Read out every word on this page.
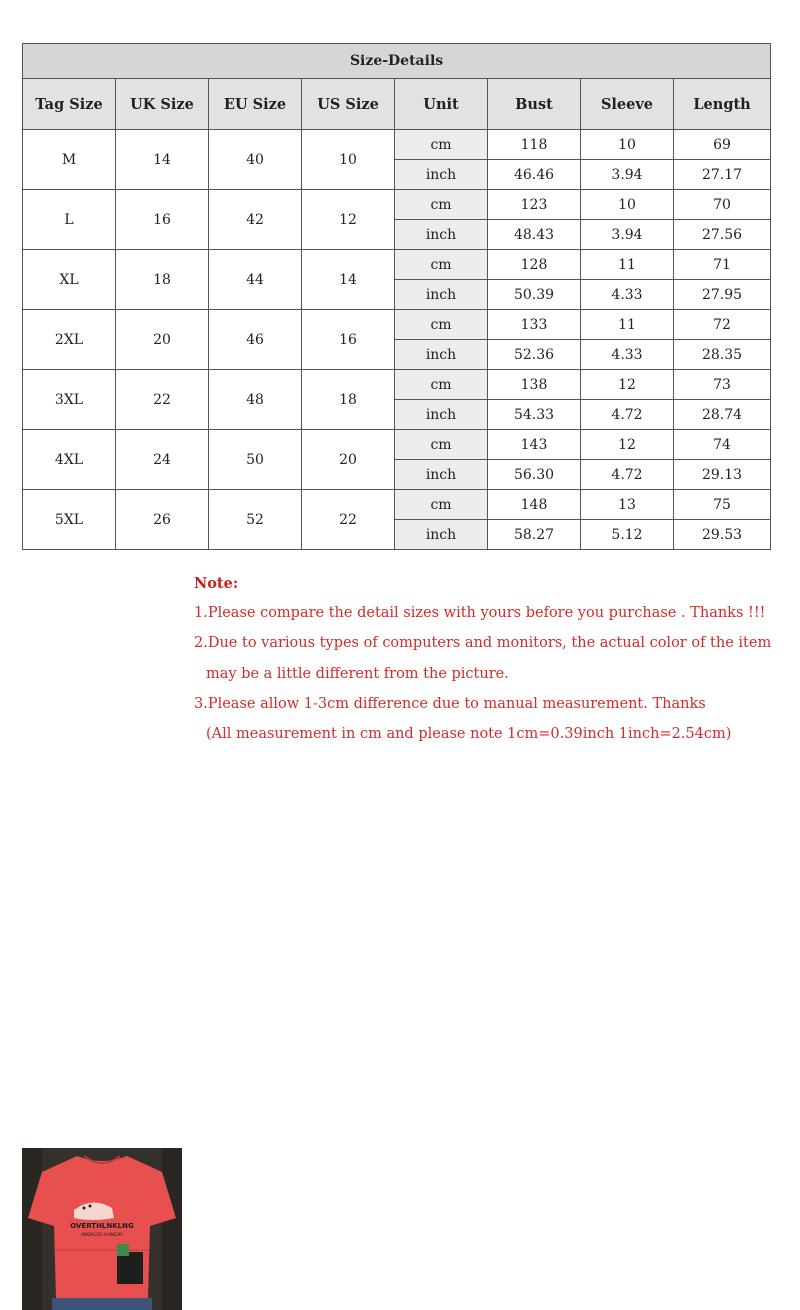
Size-Details							
Tag Size	UK Size	EU Size	US Size	Unit	Bust	Sleeve	Length
M	14	40	10	cm	118	10	69
				inch	46.46	3.94	27.17
L	16	42	12	cm	123	10	70
				inch	48.43	3.94	27.56
XL	18	44	14	cm	128	11	71
				inch	50.39	4.33	27.95
2XL	20	46	16	cm	133	11	72
				inch	52.36	4.33	28.35
3XL	22	48	18	cm	138	12	73
				inch	54.33	4.72	28.74
4XL	24	50	20	cm	143	12	74
				inch	56.30	4.72	29.13
5XL	26	52	22	cm	148	13	75
				inch	58.27	5.12	29.53
OVERTHLNKLNG
ANDALSO HUNGRY
Note:
1.Please compare the detail sizes with yours before you purchase . Thanks !!!
2.Due to various types of computers and monitors, the actual color of the item
may be a little different from the picture.
3.Please allow 1-3cm difference due to manual measurement. Thanks
(All measurement in cm and please note 1cm=0.39inch 1inch=2.54cm)
